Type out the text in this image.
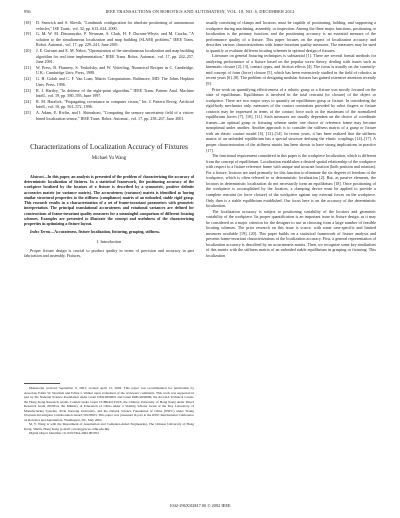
956	IEEE TRANSACTIONS ON ROBOTICS AND AUTOMATION, VOL. 18, NO. 6, DECEMBER 2012
[18]	D. Snowick and S. Skevik, "Landmark configuration for absolute positioning of autonomous vehicles," ISE Trans., vol. 32, pp. 613–624, 2000.
[19]	G. M. W. M. Dissanayake, P. Newman, S. Clark, H. F. Durrant-Whyte, and M. Csorba, "A solution to the simultaneous localization and map building (SLAM) problem," IEEE Trans. Robot. Automat., vol. 17, pp. 229–241, June 2001.
[20]	J. E. Guivant and E. M. Nebot, "Optimization of the simultaneous localization and map building algorithm for real time implementation," IEEE Trans. Robot. Automat., vol. 17, pp. 242–257, June 2001.
[21]	W. Press, B. Flannery, S. Teukolsky, and W. Vetterling, Numerical Recipes in C. Cambridge, U.K.: Cambridge Univ. Press, 1988.
[22]	G. H. Golub and C. F. Van Loan, Matrix Computations. Baltimore, MD: The Johns Hopkins Univ. Press, 1996.
[23]	R. I. Hartley, "In defense of the eight-point algorithm," IEEE Trans. Pattern Anal. Machine Intell., vol. 19, pp. 580–593, June 1997.
[24]	R. M. Haralick, "Propagating covariance in computer vision," Int. J. Pattern Recog. Artificial Intell., vol. 10, pp. 561–572, 1996.
[25]	A. Adam, E. Rivlin, and I. Shimshoni, "Computing the sensory uncertainty field of a vision-based localization sensor," IEEE Trans. Robot. Automat., vol. 17, pp. 258–267, June 2001.
Characterizations of Localization Accuracy of Fixtures
Michael Yu Wang

Abstract—In this paper, an analysis is presented of the problem of characterizing the accuracy of deterministic localization of fixtures. In a statistical framework, the positioning accuracy of the workpiece localized by the locators of a fixture is described by a symmetric, positive definite accuracies matrix (or variance matrix). The accurateness (variance) matrix is identified as having similar structural properties to the stiffness (compliance) matrix of an unloaded, stable rigid grasp. This research results in a characterization of a set of frame-invariant parameters with geometric interpretation. The principal translational accurateness and rotational variances are defined for constructions of frame-invariant quality measures for a meaningful comparison of different locating schemes. Examples are presented to illustrate the concept and usefulness of the characterizing properties in optimizing a fixture layout.

Index Terms—Accurateness, fixture localization, fixturing, grasping, stiffness.

I. Introduction

Proper fixture design is crucial to product quality in terms of precision and accuracy in part fabrication and assembly. Fixtures,

Manuscript received September 9, 2001; revised April 12, 2002. This paper was recommended for publication by Associate Editor W. Newman and Editor I. Walker upon evaluation of the reviewers' comments. This work was supported in part by the National Science Foundation under Grant DMI-9696691 and Grant DMI-9696686, the ALCOA Technical Center, the Hong Kong Research Grants Council under Grant CUHK4213/01E, the Chinese University of Hong Kong under Direct Research Grant 2050254, the Ministry of Education of China under a Visiting Scholar Grant at the Key Laboratory of Manufacturing Systems, Xi'an Jiaotong University, and the Natural Science Foundation of China (NSFC) under Young Overseas Investigator Collaboration Award 50128503. This paper was presented in part at the IEEE International Conference on Robotics and Automation, Washington, DC, May 2002.

M. Y. Wang is with the Department of Automation and Computer-Aided Engineering, The Chinese University of Hong Kong, Shatin, Hong Kong (e-mail: yuwang@acae.cuhk.edu.hk).

Digital Object Identifier 10.1109/TRA.2002.805052

usually consisting of clamps and locators, must be capable of positioning, holding, and supporting a workpiece during machining, assembly, or inspection. Among the three major functions, positioning or localization is the primary function, and the positioning accuracy is an essential measure of the performance quality of a fixture. This paper focuses on the aspect of localization accuracy and describes various characterizations with frame-invariant quality measures. The measures may be used to quantify or evaluate different locating schemes in optimal design of fixtures.

Literature on general fixturing techniques is substantial [1]. There are several formal methods for analyzing performance of a fixture based on the popular screw theory, dealing with issues such as kinematic closure [2], [3], contact types, and friction effects [4]. The focus is usually on the currently-mid concept of form (force) closure [5], which has been extensively studied in the field of robotics in recent years [6]–[8]. The problem of designing modular fixtures has gained extensive attention recently [9].

Prior work on quantifying effectiveness of a robotic grasp or a fixture was mostly focused on the state of equilibrium. Equilibrium is involved in the total restraint (or closure) of the object or workpiece. There are two major ways to quantify an equilibrium grasp or fixture. In considering the rigid-body mechanics only, measures of the contact constraints provided by robot fingers or fixture contacts may be expressed in terms of the contact force such as the maximum of the normalized equilibrium forces [7], [10], [11]. Such measures are usually dependent on the choice of coordinate frames—an optimal grasp or fixturing scheme under one choice of reference frame may become nonoptimal under another. Another approach is to consider the stiffness matrix of a grasp or fixture with an elastic contact model [6], [12]–[14]. In recent years, it has been realized that the stiffness matrix of an unloaded equilibrium has a special structure defining the elastic couplings [14]–[17]. A proper characterization of the stiffness matrix has been shown to have strong implications in practice [17].

The functional requirement considered in this paper is the workpiece localization, which is different from the concept of equilibrium. Localization establishes a desired spatial relationship of the workpiece with respect to a fixture reference frame with unique and accurate location (both position and rotation). For a fixture, locators are used primarily for this function to eliminate the six degrees of freedom of the workpiece, which is often referred to as deterministic localization [2]. But, as passive elements, the locators in deterministic localization do not necessarily form an equilibrium [18]. Once positioning of the workpiece is accomplished by the locators, a clamping device must be applied to provide a complete restraint (or force closure) of the workpiece against any external forces on the workpiece. Only then is a stable equilibrium established. Our focus here is on the accuracy of the deterministic localization.

The localization accuracy is subject to positioning variability of the locators and geometric variability of the workpiece. Its proper quantification is an important issue in fixture design, as it may be considered as a major criterion for the designer to use in choosing from a large number of feasible locating schemes. The prior research on this issue is scarce, with some case-specific and limited measures available [19], [20]. This paper builds on a statistical framework of fixture analysis and presents frame-invariant characterizations of the localization accuracy. First, a general representation of localization accuracy is described by an accurateness matrix. Then, we recognize some key similarities of this matrix with the stiffness matrix of an unloaded stable equilibrium in grasping or fixturing. This localization

1042-296X/02$17.00 © 2002 IEEE
